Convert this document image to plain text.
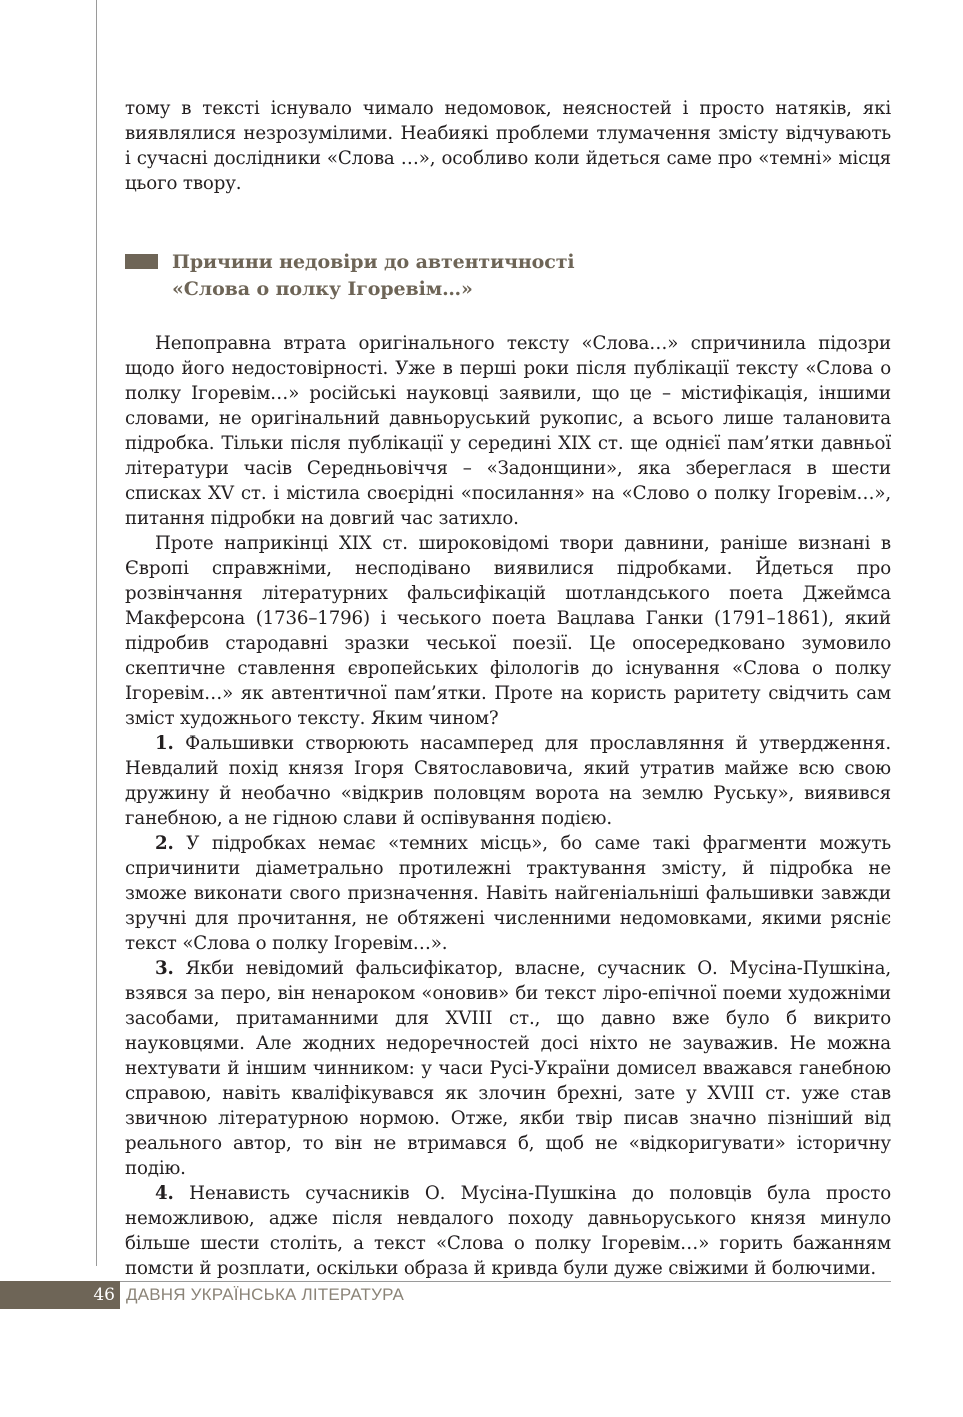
тому в тексті існувало чимало недомовок, неясностей і просто натяків, які виявлялися незрозумілими. Неабиякі проблеми тлумачення змісту відчувають і сучасні дослідники «Слова …», особливо коли йдеться саме про «темні» місця цього твору.

Причини недовіри до автентичності
«Слова о полку Ігоревім…»

Непоправна втрата оригінального тексту «Слова…» спричинила підозри щодо його недостовірності. Уже в перші роки після публікації тексту «Слова о полку Ігоревім…» російські науковці заявили, що це – містифікація, іншими словами, не оригінальний давньоруський рукопис, а всього лише талановита підробка. Тільки після публікації у середині XIX ст. ще однієї пам’ятки давньої літератури часів Середньовіччя – «Задонщини», яка збереглася в шести списках XV ст. і містила своєрідні «посилання» на «Слово о полку Ігоревім…», питання підробки на довгий час затихло.

Проте наприкінці XIX ст. широковідомі твори давнини, раніше визнані в Європі справжніми, несподівано виявилися підробками. Йдеться про розвінчання літературних фальсифікацій шотландського поета Джеймса Макферсона (1736–1796) і чеського поета Вацлава Ганки (1791–1861), який підробив стародавні зразки чеської поезії. Це опосередковано зумовило скептичне ставлення європейських філологів до існування «Слова о полку Ігоревім…» як автентичної пам’ятки. Проте на користь раритету свідчить сам зміст художнього тексту. Яким чином?

1. Фальшивки створюють насамперед для прославляння й утвердження. Невдалий похід князя Ігоря Святославовича, який утратив майже всю свою дружину й необачно «відкрив половцям ворота на землю Руську», виявився ганебною, а не гідною слави й оспівування подією.

2. У підробках немає «темних місць», бо саме такі фрагменти можуть спричинити діаметрально протилежні трактування змісту, й підробка не зможе виконати свого призначення. Навіть найгеніальніші фальшивки завжди зручні для прочитання, не обтяжені численними недомовками, якими рясніє текст «Слова о полку Ігоревім…».

3. Якби невідомий фальсифікатор, власне, сучасник О. Мусіна-Пушкіна, взявся за перо, він ненароком «оновив» би текст ліро-епічної поеми художніми засобами, притаманними для XVIII ст., що давно вже було б викрито науковцями. Але жодних недоречностей досі ніхто не зауважив. Не можна нехтувати й іншим чинником: у часи Русі-України домисел вважався ганебною справою, навіть кваліфікувався як злочин брехні, зате у XVIII ст. уже став звичною літературною нормою. Отже, якби твір писав значно пізніший від реального автор, то він не втримався б, щоб не «відкоригувати» історичну подію.

4. Ненависть сучасників О. Мусіна-Пушкіна до половців була просто неможливою, адже після невдалого походу давньоруського князя минуло більше шести століть, а текст «Слова о полку Ігоревім…» горить бажанням помсти й розплати, оскільки образа й кривда були дуже свіжими й болючими.

46 ДАВНЯ УКРАЇНСЬКА ЛІТЕРАТУРА
